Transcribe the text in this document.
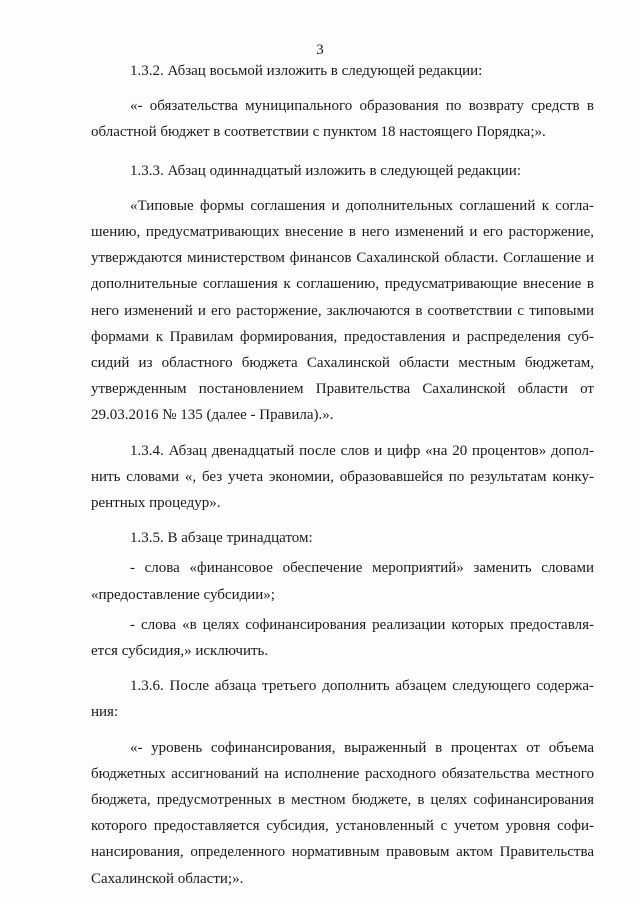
3

1.3.2. Абзац восьмой изложить в следующей редакции:

«- обязательства муниципального образования по возврату средств в областной бюджет в соответствии с пунктом 18 настоящего Порядка;».

1.3.3. Абзац одиннадцатый изложить в следующей редакции:

«Типовые формы соглашения и дополнительных соглашений к соглашению, предусматривающих внесение в него изменений и его расторжение, утверждаются министерством финансов Сахалинской области. Соглашение и дополнительные соглашения к соглашению, предусматривающие внесение в него изменений и его расторжение, заключаются в соответствии с типовыми формами к Правилам формирования, предоставления и распределения субсидий из областного бюджета Сахалинской области местным бюджетам, утвержденным постановлением Правительства Сахалинской области от 29.03.2016 № 135 (далее - Правила).».

1.3.4. Абзац двенадцатый после слов и цифр «на 20 процентов» дополнить словами «, без учета экономии, образовавшейся по результатам конкурентных процедур».

1.3.5. В абзаце тринадцатом:

- слова «финансовое обеспечение мероприятий» заменить словами «предоставление субсидии»;

- слова «в целях софинансирования реализации которых предоставляется субсидия,» исключить.

1.3.6. После абзаца третьего дополнить абзацем следующего содержания:

«- уровень софинансирования, выраженный в процентах от объема бюджетных ассигнований на исполнение расходного обязательства местного бюджета, предусмотренных в местном бюджете, в целях софинансирования которого предоставляется субсидия, установленный с учетом уровня софинансирования, определенного нормативным правовым актом Правительства Сахалинской области;».
